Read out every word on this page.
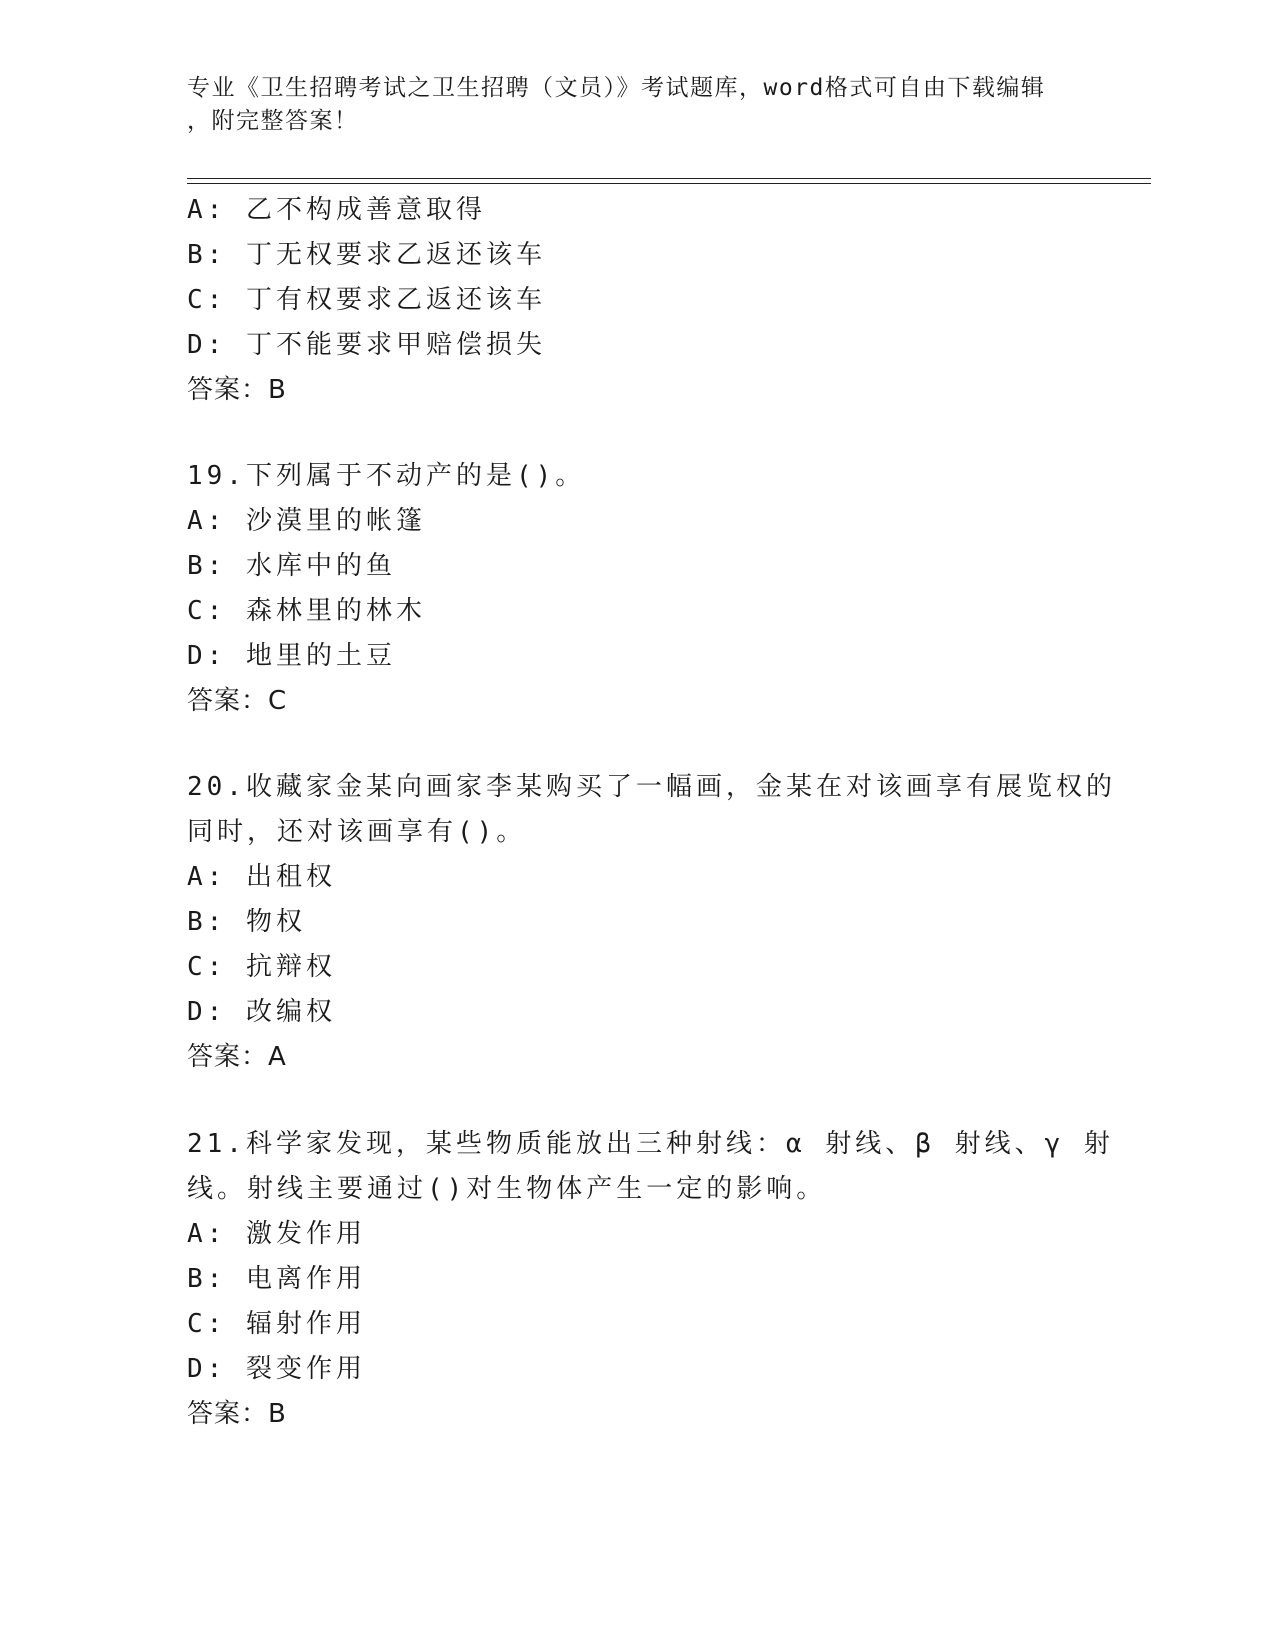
专业《卫生招聘考试之卫生招聘（文员）》考试题库，word格式可自由下载编辑
，附完整答案！
A: 乙不构成善意取得
B: 丁无权要求乙返还该车
C: 丁有权要求乙返还该车
D: 丁不能要求甲赔偿损失
答案：B
19.下列属于不动产的是()。
A: 沙漠里的帐篷
B: 水库中的鱼
C: 森林里的林木
D: 地里的土豆
答案：C
20.收藏家金某向画家李某购买了一幅画，金某在对该画享有展览权的
同时，还对该画享有()。
A: 出租权
B: 物权
C: 抗辩权
D: 改编权
答案：A
21.科学家发现，某些物质能放出三种射线：α 射线、β 射线、γ 射
线。射线主要通过()对生物体产生一定的影响。
A: 激发作用
B: 电离作用
C: 辐射作用
D: 裂变作用
答案：B
